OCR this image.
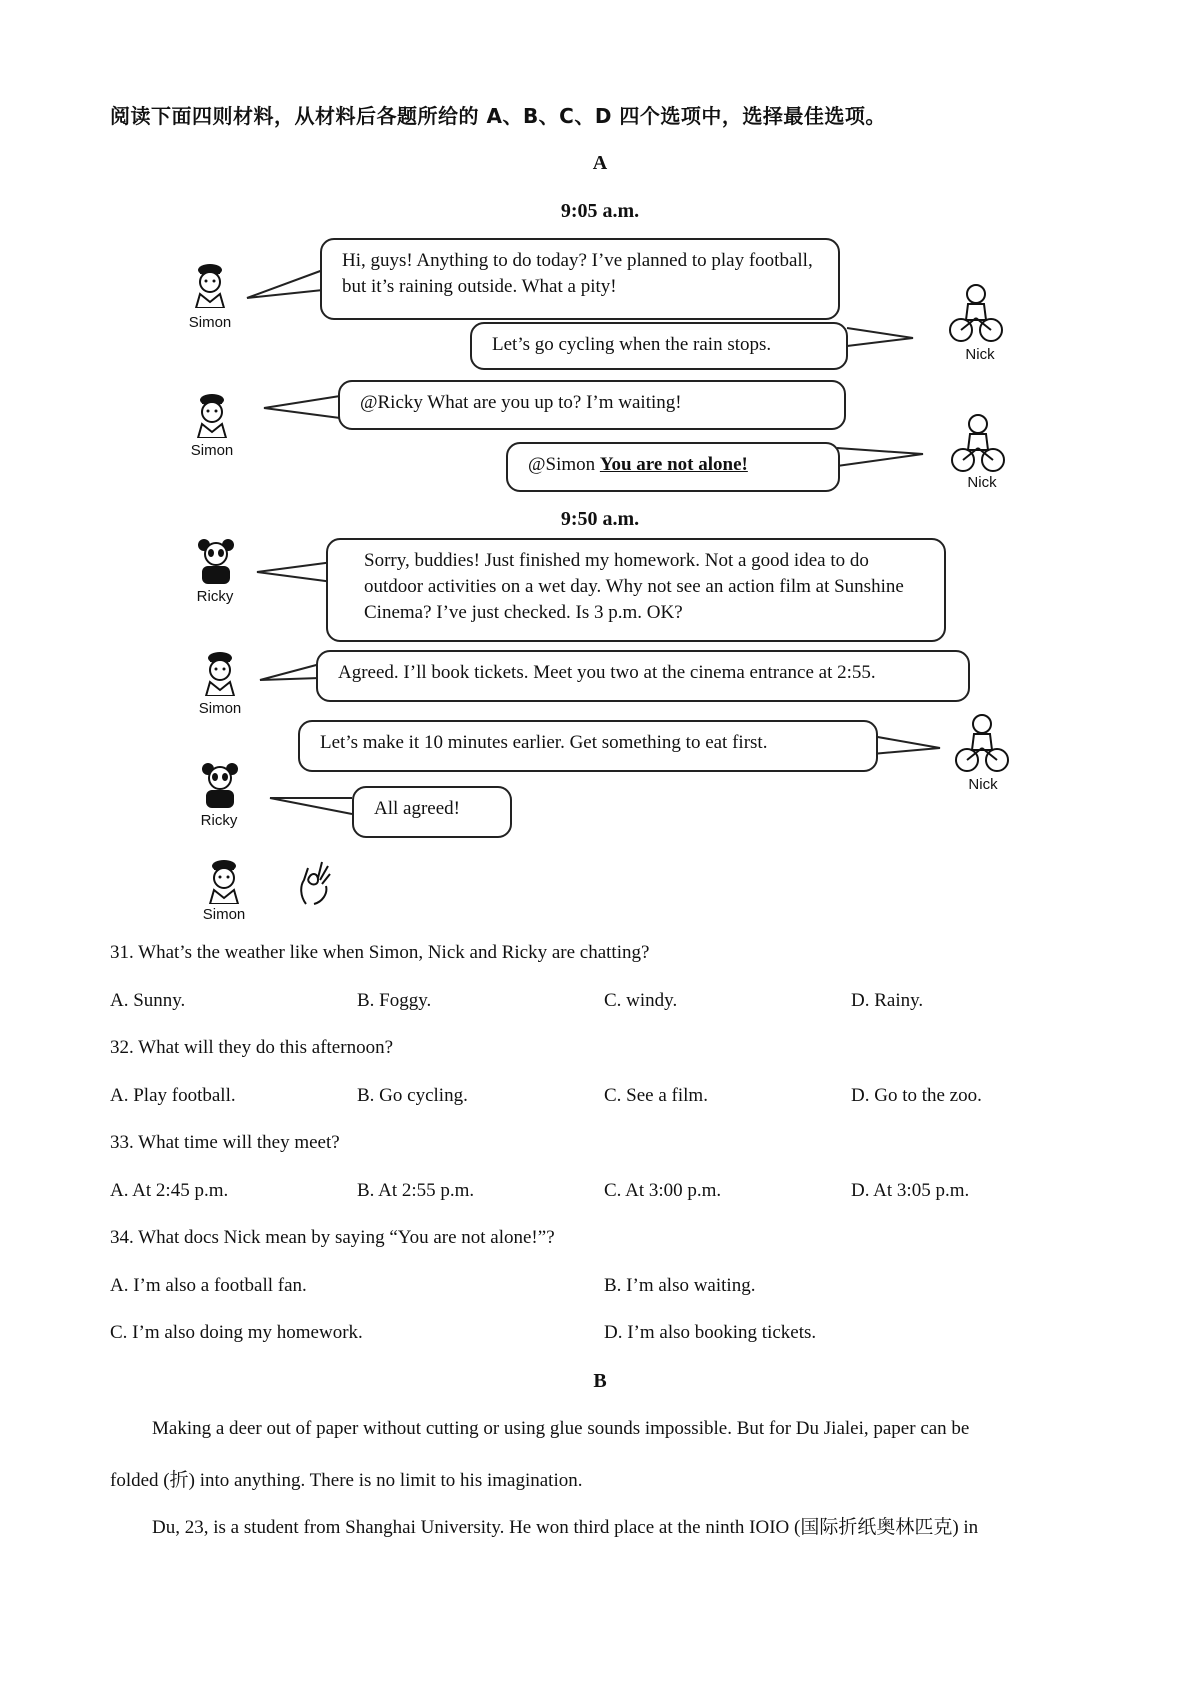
阅读下面四则材料，从材料后各题所给的 A、B、C、D 四个选项中，选择最佳选项。
A
9:05 a.m.
Simon
Hi, guys! Anything to do today? I’ve planned to play football, but it’s raining outside. What a pity!
Nick
Let’s go cycling when the rain stops.
Simon
@Ricky What are you up to? I’m waiting!
Nick
@Simon You are not alone!
9:50 a.m.
Ricky
Sorry, buddies! Just finished my homework. Not a good idea to do outdoor activities on a wet day. Why not see an action film at Sunshine Cinema? I’ve just checked. Is 3 p.m. OK?
Simon
Agreed. I’ll book tickets. Meet you two at the cinema entrance at 2:55.
Nick
Let’s make it 10 minutes earlier. Get something to eat first.
Ricky
All agreed!
Simon
31. What’s the weather like when Simon, Nick and Ricky are chatting?
A. Sunny.	B. Foggy.	C. windy.	D. Rainy.
32. What will they do this afternoon?
A. Play football.	B. Go cycling.	C. See a film.	D. Go to the zoo.
33. What time will they meet?
A. At 2:45 p.m.	B. At 2:55 p.m.	C. At 3:00 p.m.	D. At 3:05 p.m.
34. What docs Nick mean by saying “You are not alone!”?
A. I’m also a football fan.	B. I’m also waiting.
C. I’m also doing my homework.	D. I’m also booking tickets.
B
Making a deer out of paper without cutting or using glue sounds impossible. But for Du Jialei, paper can be
folded (折) into anything. There is no limit to his imagination.
Du, 23, is a student from Shanghai University. He won third place at the ninth IOIO (国际折纸奥林匹克) in
